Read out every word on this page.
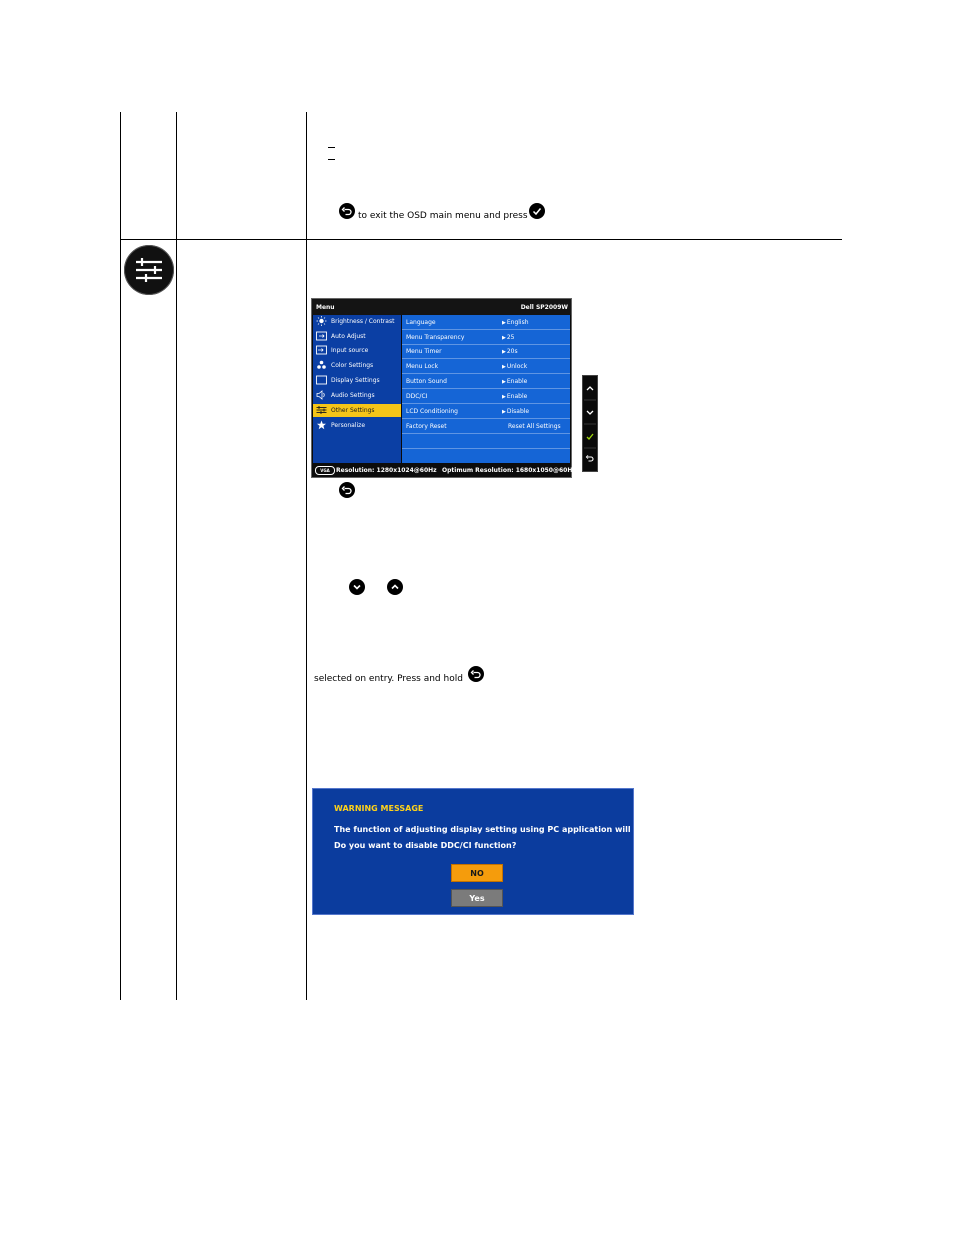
to exit the OSD main menu and press
Menu	Dell SP2009W
Brightness / Contrast
Auto Adjust
Input source
Color Settings
Display Settings
Audio Settings
Other Settings
Personalize
Language	▶ English
Menu Transparency	▶ 25
Menu Timer	▶ 20s
Menu Lock	▶ Unlock
Button Sound	▶ Enable
DDC/CI	▶ Enable
LCD Conditioning	▶ Disable
Factory Reset	Reset All Settings
VGA	Resolution: 1280x1024@60Hz Optimum Resolution: 1680x1050@60Hz
selected on entry. Press and hold
WARNING MESSAGE
The function of adjusting display setting using PC application will be disabled.
Do you want to disable DDC/CI function?
NO
Yes
